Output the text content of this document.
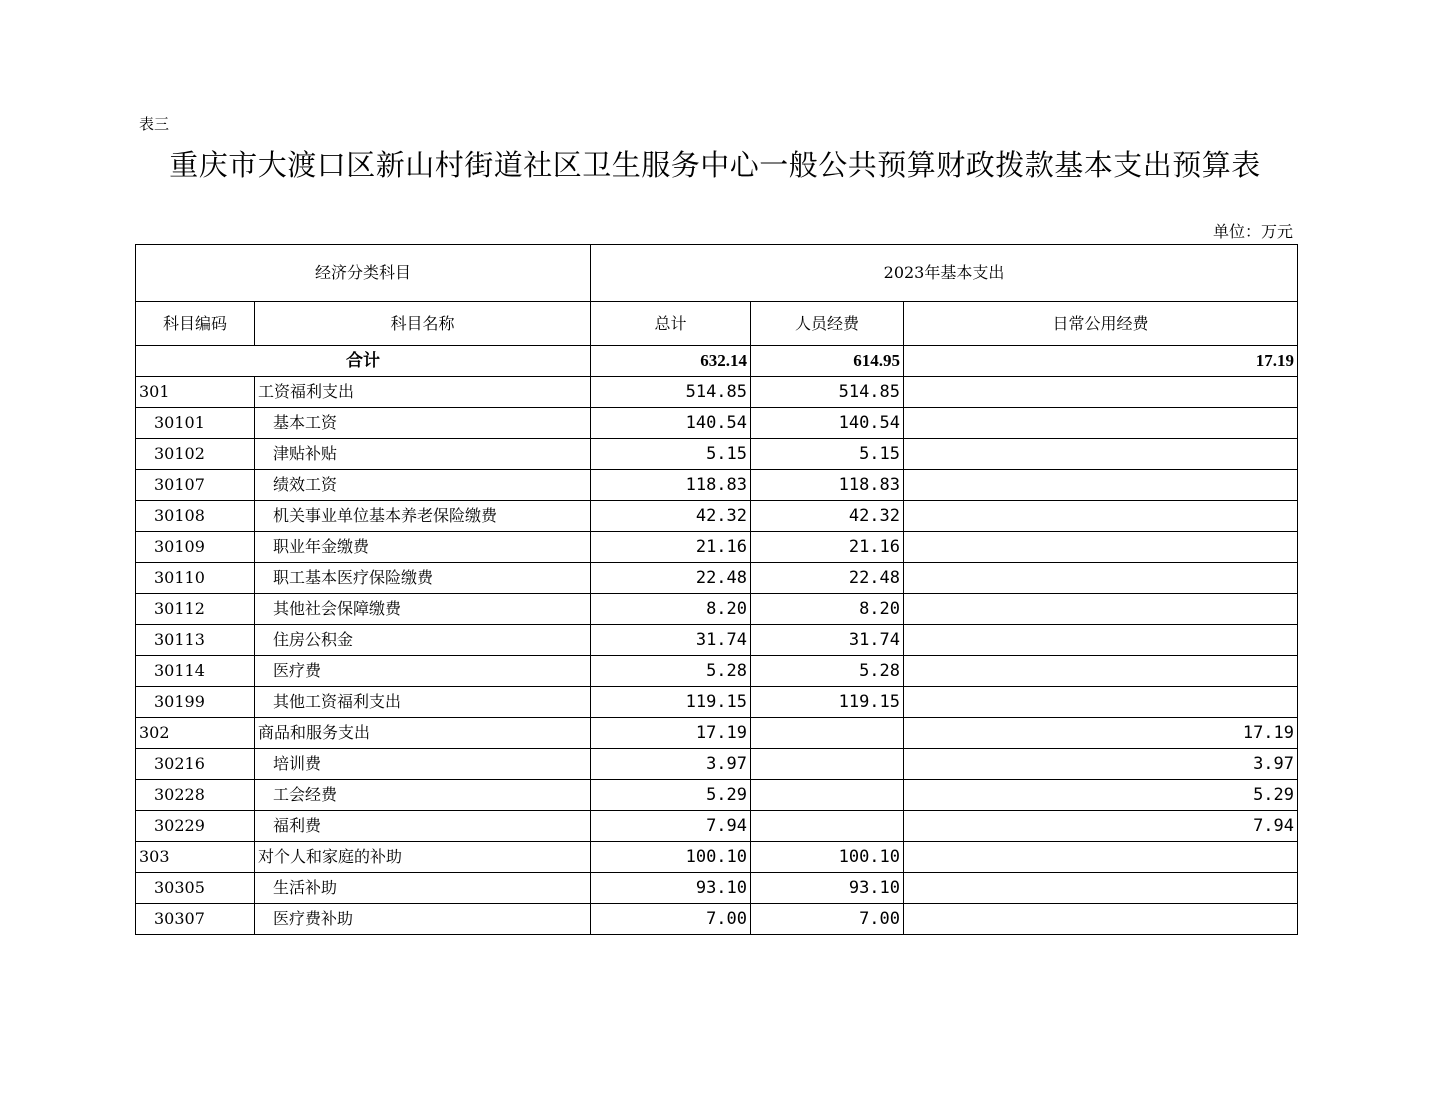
表三
重庆市大渡口区新山村街道社区卫生服务中心一般公共预算财政拨款基本支出预算表
单位：万元
经济分类科目		2023年基本支出		
科目编码	科目名称	总计	人员经费	日常公用经费
合计		632.14	614.95	17.19
301	工资福利支出	514.85	514.85	
30101	基本工资	140.54	140.54	
30102	津贴补贴	5.15	5.15	
30107	绩效工资	118.83	118.83	
30108	机关事业单位基本养老保险缴费	42.32	42.32	
30109	职业年金缴费	21.16	21.16	
30110	职工基本医疗保险缴费	22.48	22.48	
30112	其他社会保障缴费	8.20	8.20	
30113	住房公积金	31.74	31.74	
30114	医疗费	5.28	5.28	
30199	其他工资福利支出	119.15	119.15	
302	商品和服务支出	17.19		17.19
30216	培训费	3.97		3.97
30228	工会经费	5.29		5.29
30229	福利费	7.94		7.94
303	对个人和家庭的补助	100.10	100.10	
30305	生活补助	93.10	93.10	
30307	医疗费补助	7.00	7.00	
